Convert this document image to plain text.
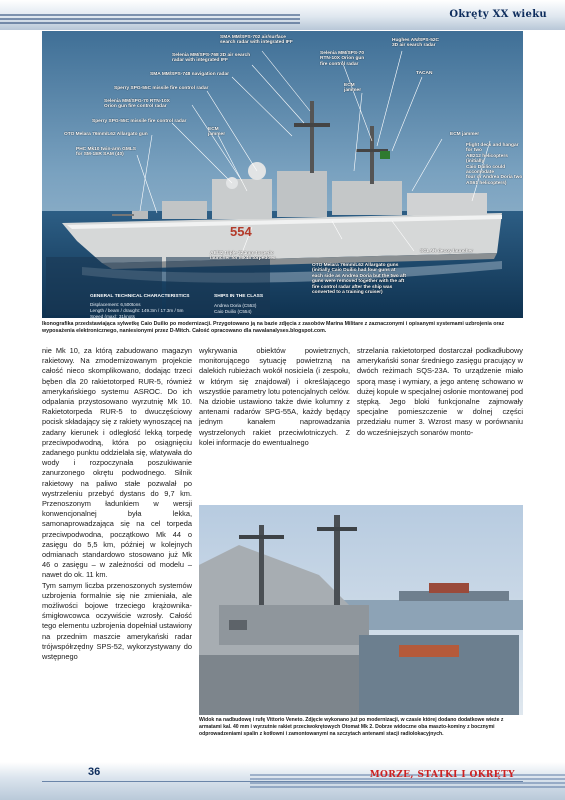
Okręty XX wieku
SMA MM/SPS-702 air/surface
search radar with integrated IFF
Selenia MM/SPS-768 2D air search
radar with integrated IFF
SMA MM/SPS-748 navigation radar
Sperry SPG-55C missile fire control radar
Selenia MM/SPG-70 RTN-10X
Orion gun fire control radar
Sperry SPG-55C missile fire control radar
OTO Melara 76mm/L62 Allargato gun
ECM
jammer
PHC Mk10 twin-arm GMLS
for SM-1ER SAM (40)
Selenia MM/SPS-70
RTN-10X Orion gun
fire control radar
ECM
jammer
Hughes AN/SPS-52C
3D air search radar
TACAN
ECM jammer
Flight deck and hangar for two
AB212 helicopters (initially
Caio Duilio could accomodate
four or Andrea Doria two
AS61 helicopters)
SCLAR decoy launcher
AB/32 triple 324mm torpedo
launcher for Mk46 torpedoes
OTO Melara 76mm/L62 Allargato guns
(initially Caio Duilio had four guns at
each side as Andrea Doria but the two aft
guns were removed together with the aft
fire control radar after the ship was
converted to a training cruiser)
554
GENERAL TECHNICAL CHARACTERISTICS
Displacement: 6,500tons
Length / beam / draught: 149.3m / 17.3m / 5m
Speed (max): 31knots

SHIPS IN THE CLASS
Andrea Doria (C553)
Caio Duilio (C554)

Ikonografika przedstawiająca sylwetkę Caio Duilio po modernizacji. Przygotowano ją na bazie zdjęcia z zasobów Marina Militare z zaznaczonymi i opisanymi systemami uzbrojenia oraz wyposażenia elektronicznego, naniesionymi przez D-Mitch. Całość opracowano dla navalanalyses.blogspot.com.
nie Mk 10, za którą zabudowano magazyn rakietowy. Na zmodernizowanym projekcie całość nieco skomplikowano, dodając trzeci bęben dla 20 rakietotorped RUR-5, również amerykańskiego systemu ASROC. Do ich odpalania przystosowano wyrzutnię Mk 10. Rakietotorpeda RUR-5 to dwuczęściowy pocisk składający się z rakiety wynoszącej na zadany kierunek i odległość lekką torpedę przeciwpodwodną, która po osiągnięciu zadanego punktu oddzielała się, wlatywała do wody i rozpoczynała poszukiwanie zanurzonego okrętu podwodnego. Silnik rakietowy na paliwo stałe pozwalał po wystrzeleniu przebyć dystans do 9,7 km. Przenoszonym ładunkiem w wersji konwencjonalnej była lekka, samonaprowadzająca się na cel torpeda przeciwpodwodna, początkowo Mk 44 o zasięgu do 5,5 km, później w kolejnych odmianach standardowo stosowano już Mk 46 o zasięgu – w zależności od modelu – nawet do ok. 11 km.
Tym samym liczba przenoszonych systemów uzbrojenia formalnie się nie zmieniała, ale możliwości bojowe trzeciego krążownika-śmigłowcowca oczywiście wzrosły. Całość tego elementu uzbrojenia dopełniał ustawiony na przednim maszcie amerykański radar trójwspółrzędny SPS-52, wykorzystywany do wstępnego
wykrywania obiektów powietrznych, monitorującego sytuację powietrzną na dalekich rubieżach wokół nosiciela (i zespołu, w którym się znajdował) i określającego wszystkie parametry lotu potencjalnych celów. Na dziobie ustawiono także dwie kolumny z antenami radarów SPG-55A, każdy będący jednym kanałem naprowadzania wystrzelonych rakiet przeciwlotniczych. Z kolei informacje do ewentualnego
strzelania rakietotorped dostarczał podkadłubowy amerykański sonar średniego zasięgu pracujący w dwóch reżimach SQS-23A. To urządzenie miało sporą masę i wymiary, a jego antenę schowano w dużej kopule w specjalnej osłonie montowanej pod stępką. Jego bloki funkcjonalne zajmowały specjalne pomieszczenie w dolnej części przedziału numer 3. Wzrost masy w porównaniu do wcześniejszych sonarów monto-
Widok na nadbudowę i rufę Vittorio Veneto. Zdjęcie wykonano już po modernizacji, w czasie której dodano dodatkowe wieże z armatami kal. 40 mm i wyrzutnie rakiet przeciwokrętowych Otomat Mk 2. Dobrze widoczne oba maszto-kominy z bocznymi odprowadzeniami spalin z kotłowni i zamontowanymi na szczytach antenami stacji radiolokacyjnych.
36	MORZE, STATKI I OKRĘTY
